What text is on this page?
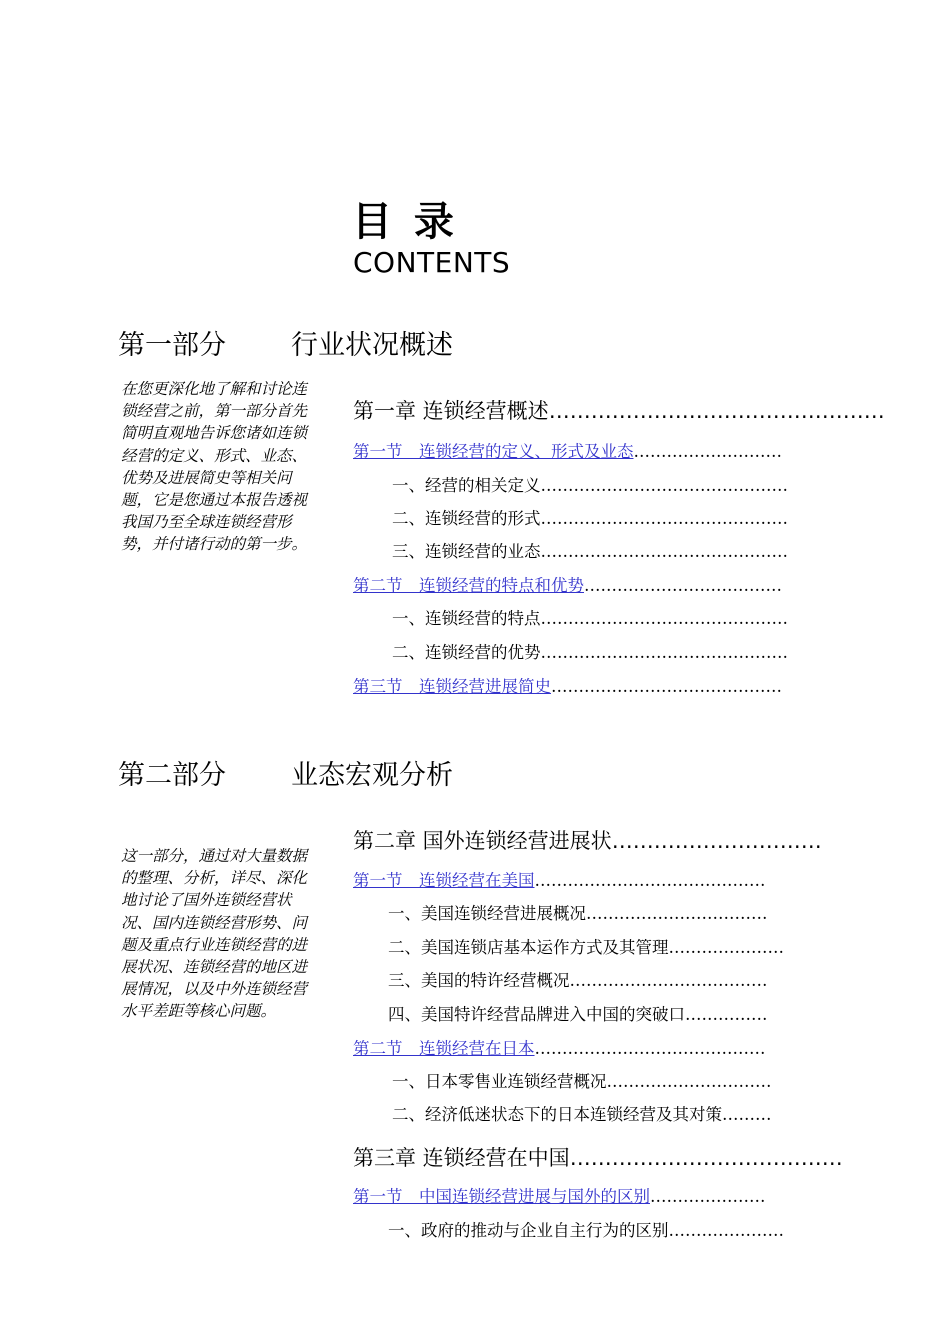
目 录
CONTENTS
第一部分 行业状况概述
在您更深化地了解和讨论连锁经营之前，第一部分首先简明直观地告诉您诸如连锁经营的定义、形式、业态、优势及进展简史等相关问题，它是您通过本报告透视我国乃至全球连锁经营形势，并付诸行动的第一步。
第一章 连锁经营概述…………………………………………
第一节　连锁经营的定义、形式及业态………………………
一、经营的相关定义………………………………………
二、连锁经营的形式………………………………………
三、连锁经营的业态………………………………………
第二节　连锁经营的特点和优势………………………………
一、连锁经营的特点………………………………………
二、连锁经营的优势………………………………………
第三节　连锁经营进展简史……………………………………
第二部分 业态宏观分析
这一部分，通过对大量数据的整理、分析，详尽、深化地讨论了国外连锁经营状况、国内连锁经营形势、问题及重点行业连锁经营的进展状况、连锁经营的地区进展情况，以及中外连锁经营水平差距等核心问题。
第二章 国外连锁经营进展状…………………………
第一节　连锁经营在美国……………………………………
一、美国连锁经营进展概况……………………………
二、美国连锁店基本运作方式及其管理…………………
三、美国的特许经营概况………………………………
四、美国特许经营品牌进入中国的突破口……………
第二节　连锁经营在日本……………………………………
一、日本零售业连锁经营概况…………………………
二、经济低迷状态下的日本连锁经营及其对策………
第三章 连锁经营在中国…………………………………
第一节　中国连锁经营进展与国外的区别…………………
一、政府的推动与企业自主行为的区别…………………
